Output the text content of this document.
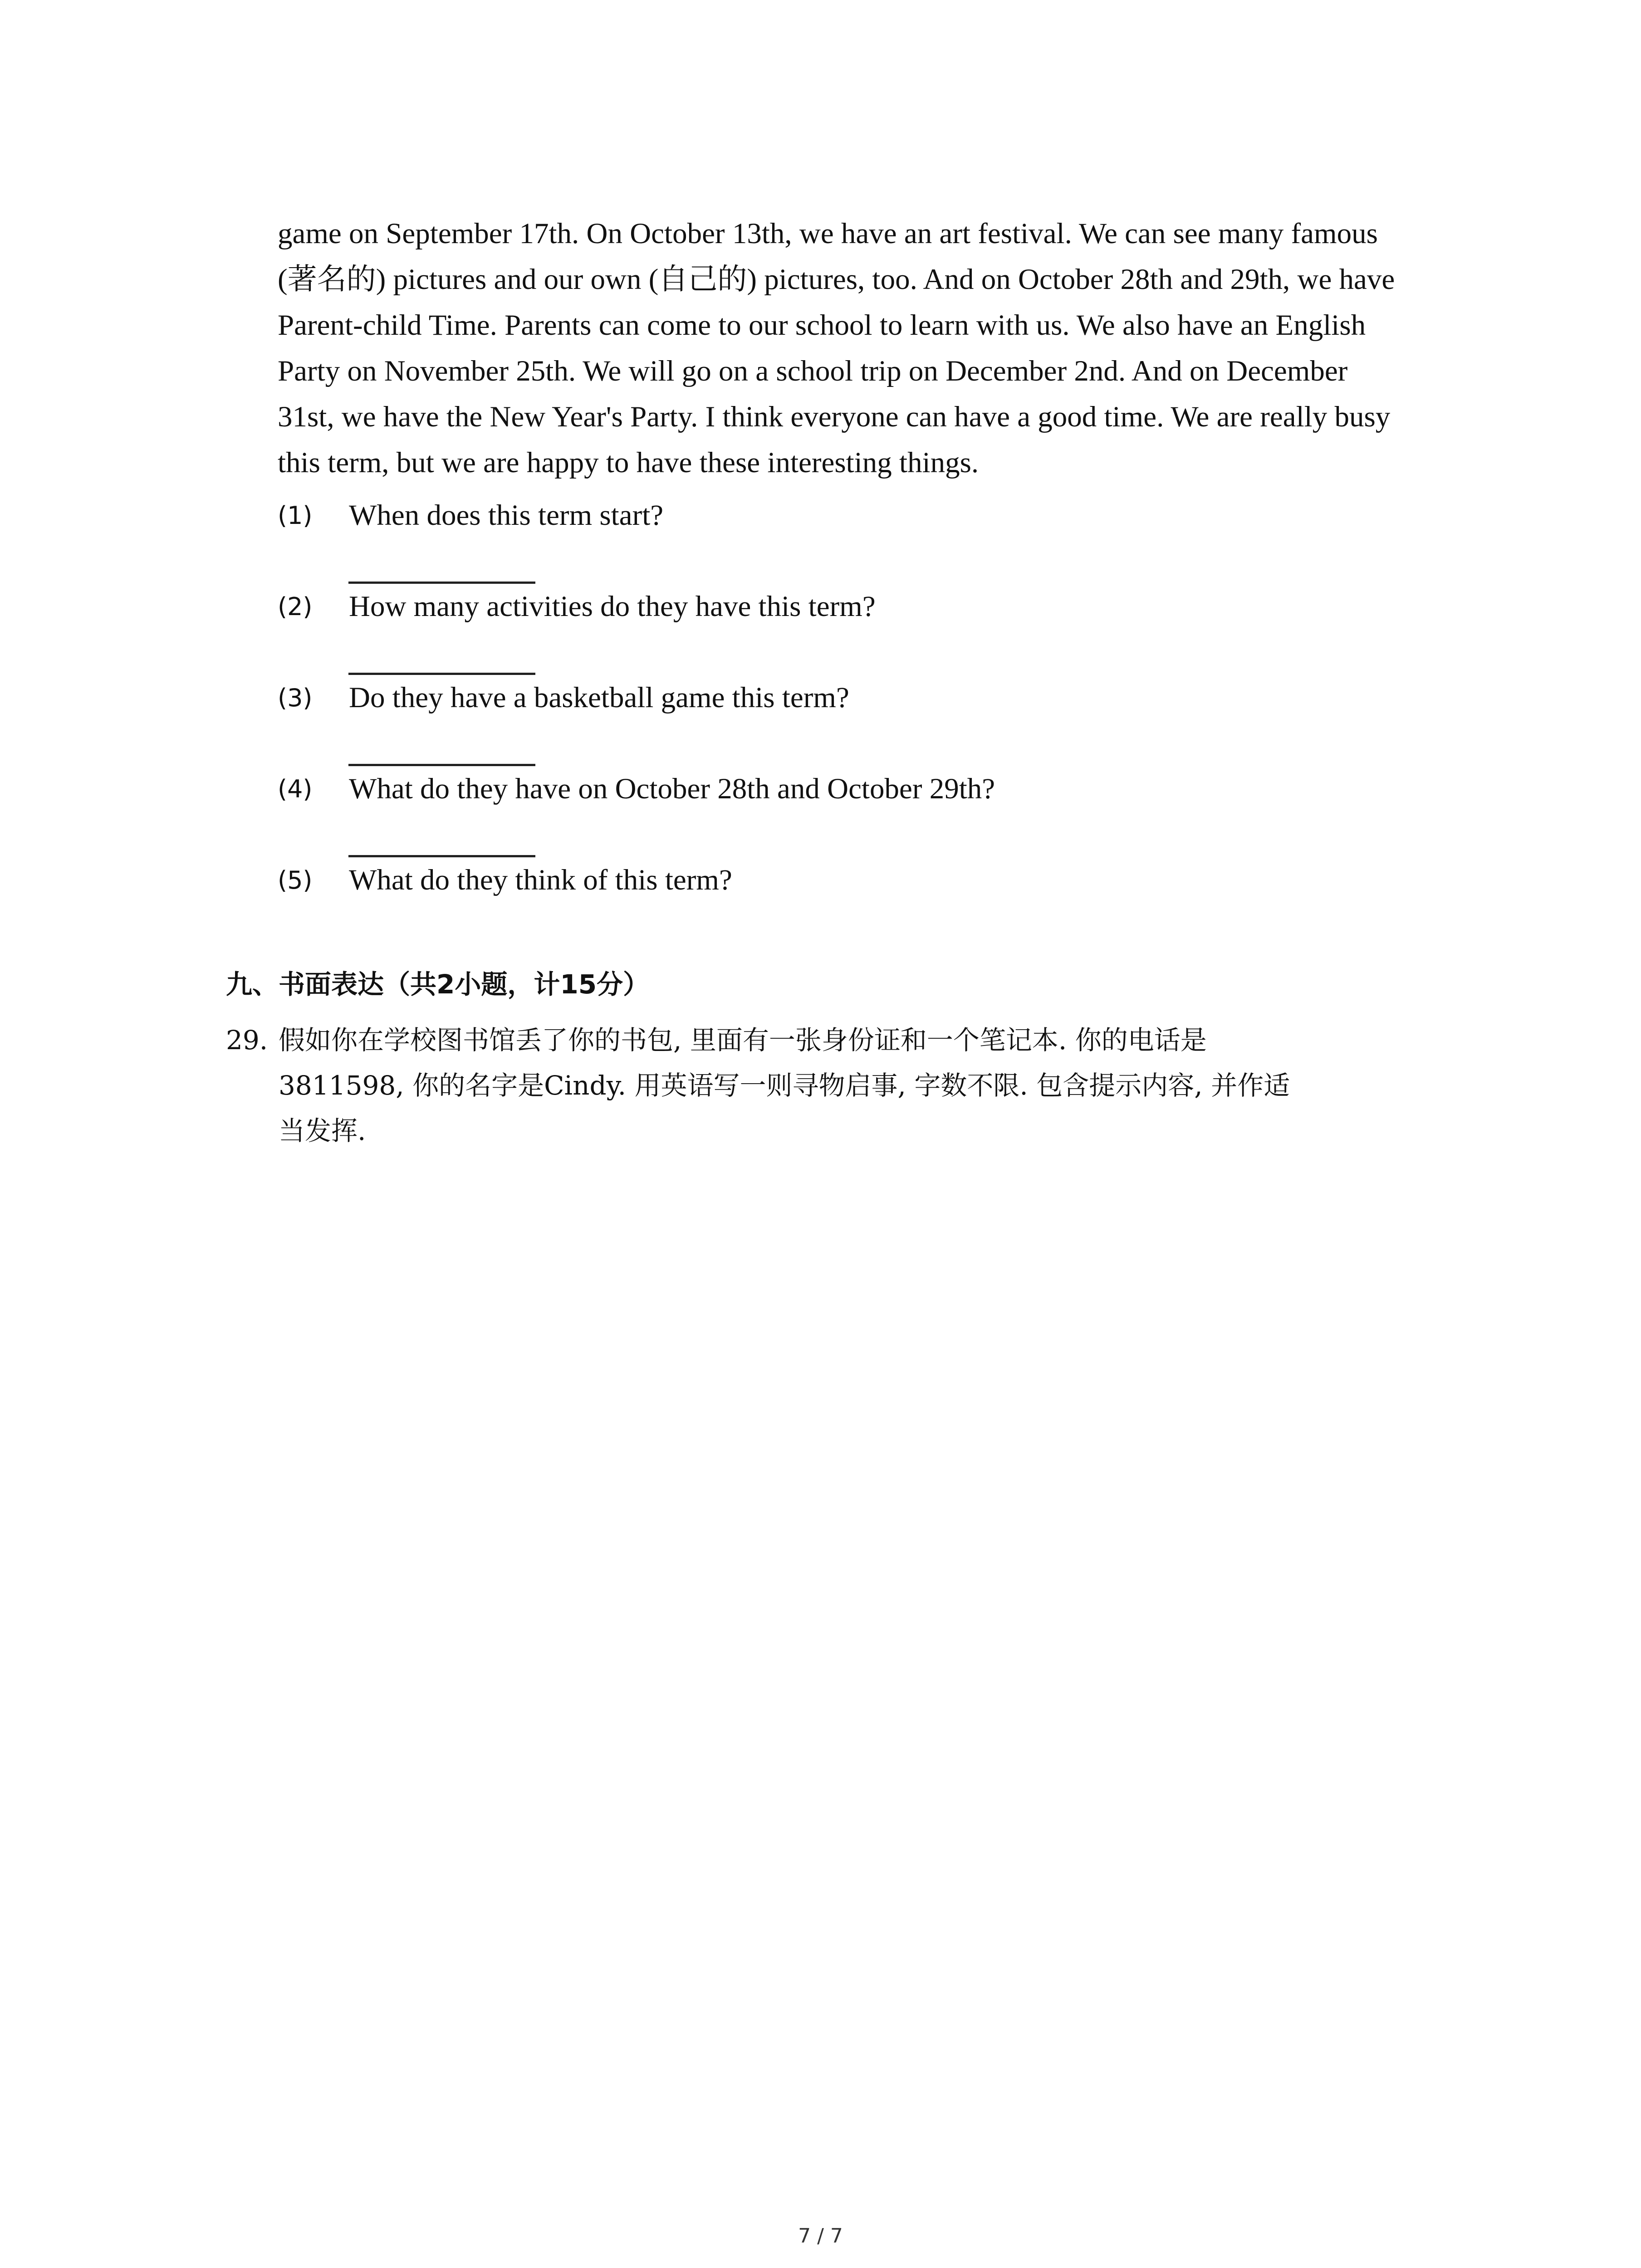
game on September 17th. On October 13th, we have an art festival. We can see many famous
(著名的) pictures and our own (自己的) pictures, too. And on October 28th and 29th, we have
Parent-child Time. Parents can come to our school to learn with us. We also have an English
Party on November 25th. We will go on a school trip on December 2nd. And on December
31st, we have the New Year's Party. I think everyone can have a good time. We are really busy
this term, but we are happy to have these interesting things.
(1) When does this term start?
(2) How many activities do they have this term?
(3) Do they have a basketball game this term?
(4) What do they have on October 28th and October 29th?
(5) What do they think of this term?
九、书面表达（共2小题，计15分）
29. 假如你在学校图书馆丢了你的书包, 里面有一张身份证和一个笔记本. 你的电话是
3811598, 你的名字是Cindy. 用英语写一则寻物启事, 字数不限. 包含提示内容, 并作适
当发挥.
7 / 7
